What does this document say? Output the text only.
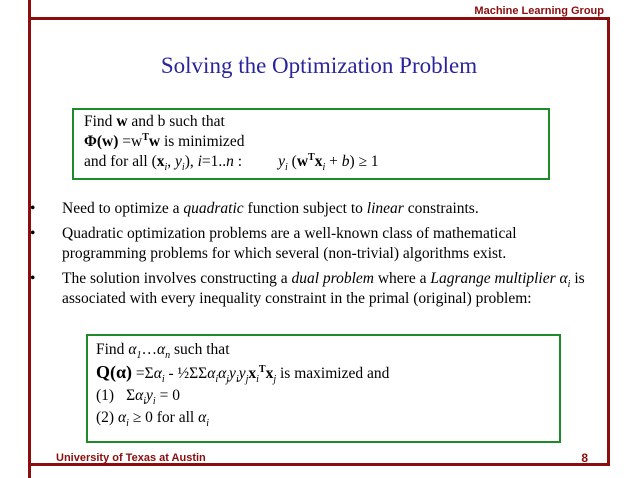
Machine Learning Group
University of Texas at Austin	8
Solving the Optimization Problem
Find w and b such that
$\Phi(w) =w^Tw$ is minimized
and for all ($x_i$, $y_i$), i=1..n : $y_i$ $(w^Tx_i + b) \ge 1$
• Need to optimize a quadratic function subject to linear constraints.
• Quadratic optimization problems are a well-known class of mathematical programming problems for which several (non-trivial) algorithms exist.
• The solution involves constructing a dual problem where a Lagrange multiplier $\alpha_i$ is associated with every inequality constraint in the primal (original) problem:
Find $\alpha_1\dots\alpha_n$ such that
$Q(\alpha) =\Sigma\alpha_i$ - $\frac{1}{2}\Sigma\Sigma\alpha_i\alpha_jy_iy_jx_i^Tx_j$ is maximized and
(1) $\Sigma\alpha_iy_i = 0$
(2) $\alpha_i \ge 0$ for all $\alpha_i$
